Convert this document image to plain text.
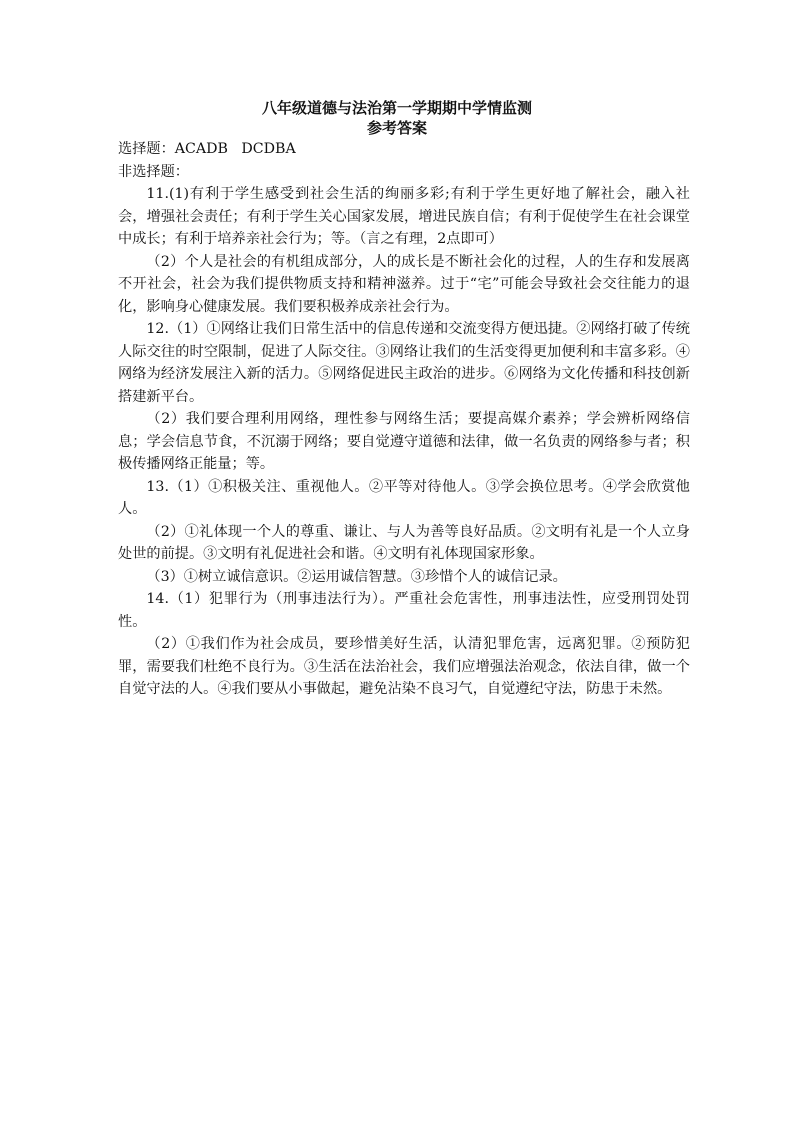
八年级道德与法治第一学期期中学情监测
参考答案

选择题：ACADB   DCDBA

非选择题：

11.(1)有利于学生感受到社会生活的绚丽多彩;有利于学生更好地了解社会，融入社会，增强社会责任；有利于学生关心国家发展，增进民族自信；有利于促使学生在社会课堂中成长；有利于培养亲社会行为；等。（言之有理，2点即可）

（2）个人是社会的有机组成部分，人的成长是不断社会化的过程，人的生存和发展离不开社会，社会为我们提供物质支持和精神滋养。过于“宅”可能会导致社会交往能力的退化，影响身心健康发展。我们要积极养成亲社会行为。

12.（1）①网络让我们日常生活中的信息传递和交流变得方便迅捷。②网络打破了传统人际交往的时空限制，促进了人际交往。③网络让我们的生活变得更加便利和丰富多彩。④网络为经济发展注入新的活力。⑤网络促进民主政治的进步。⑥网络为文化传播和科技创新搭建新平台。

（2）我们要合理利用网络，理性参与网络生活；要提高媒介素养；学会辨析网络信息；学会信息节食，不沉溺于网络；要自觉遵守道德和法律，做一名负责的网络参与者；积极传播网络正能量；等。

13.（1）①积极关注、重视他人。②平等对待他人。③学会换位思考。④学会欣赏他人。

（2）①礼体现一个人的尊重、谦让、与人为善等良好品质。②文明有礼是一个人立身处世的前提。③文明有礼促进社会和谐。④文明有礼体现国家形象。

（3）①树立诚信意识。②运用诚信智慧。③珍惜个人的诚信记录。

14.（1）犯罪行为（刑事违法行为）。严重社会危害性，刑事违法性，应受刑罚处罚性。

（2）①我们作为社会成员，要珍惜美好生活，认清犯罪危害，远离犯罪。②预防犯罪，需要我们杜绝不良行为。③生活在法治社会，我们应增强法治观念，依法自律，做一个自觉守法的人。④我们要从小事做起，避免沾染不良习气，自觉遵纪守法，防患于未然。
